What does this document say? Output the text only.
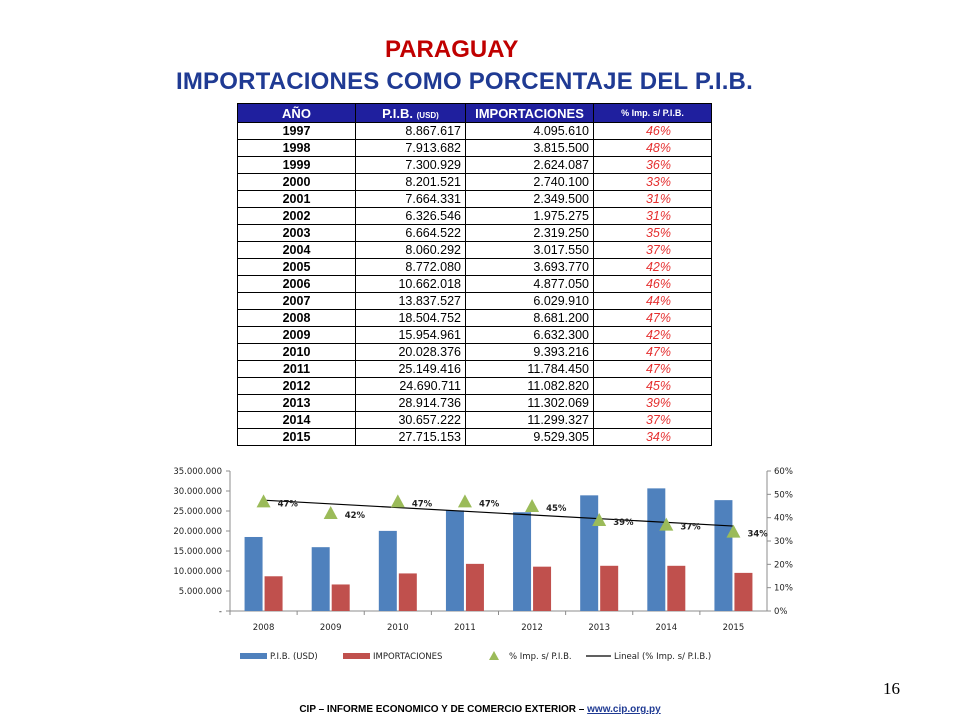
PARAGUAY
IMPORTACIONES COMO PORCENTAJE DEL P.I.B.
AÑO	P.I.B. (USD)	IMPORTACIONES	% Imp. s/ P.I.B.
1997	8.867.617	4.095.610	46%
1998	7.913.682	3.815.500	48%
1999	7.300.929	2.624.087	36%
2000	8.201.521	2.740.100	33%
2001	7.664.331	2.349.500	31%
2002	6.326.546	1.975.275	31%
2003	6.664.522	2.319.250	35%
2004	8.060.292	3.017.550	37%
2005	8.772.080	3.693.770	42%
2006	10.662.018	4.877.050	46%
2007	13.837.527	6.029.910	44%
2008	18.504.752	8.681.200	47%
2009	15.954.961	6.632.300	42%
2010	20.028.376	9.393.216	47%
2011	25.149.416	11.784.450	47%
2012	24.690.711	11.082.820	45%
2013	28.914.736	11.302.069	39%
2014	30.657.222	11.299.327	37%
2015	27.715.153	9.529.305	34%
-
5.000.000
10.000.000
15.000.000
20.000.000
25.000.000
30.000.000
35.000.000
0%
10%
20%
30%
40%
50%
60%
2008	2009	2010	2011	2012	2013	2014	2015
47%
42%
47%	47%	45%
39%	37%
34%
P.I.B. (USD)	IMPORTACIONES	% Imp. s/ P.I.B.	Lineal (% Imp. s/ P.I.B.)
16
CIP – INFORME ECONOMICO Y DE COMERCIO EXTERIOR – www.cip.org.py
